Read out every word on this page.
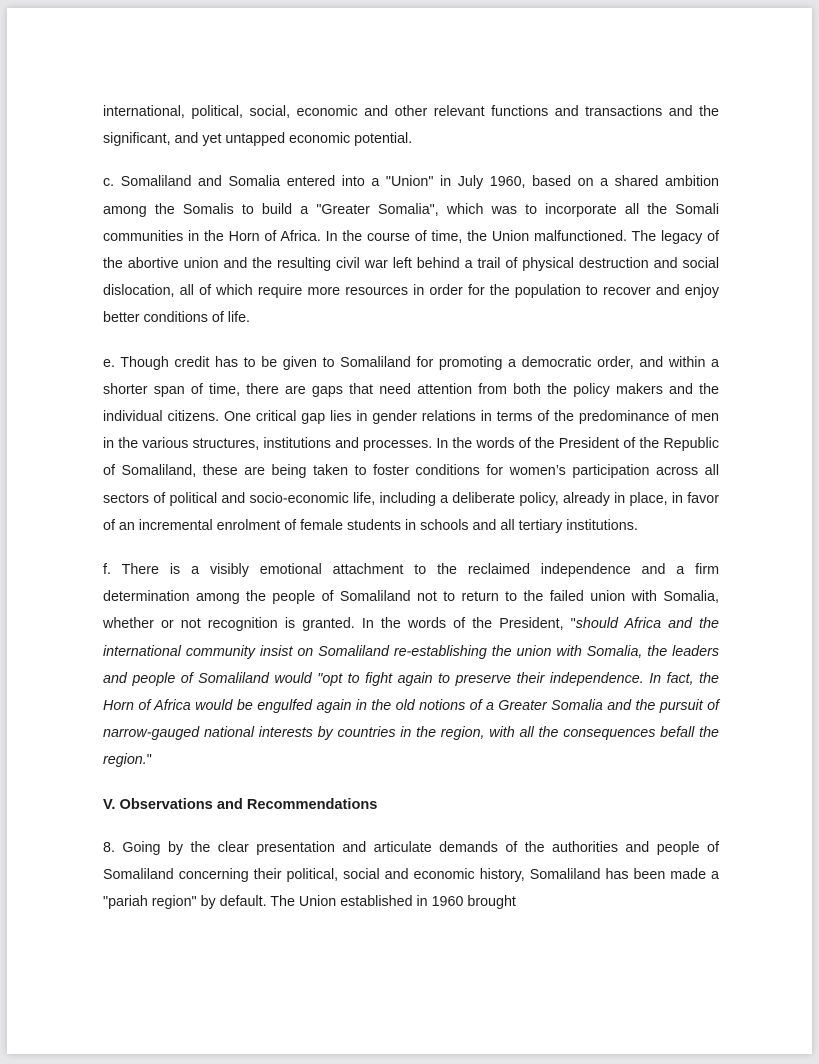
international, political, social, economic and other relevant functions and transactions and the significant, and yet untapped economic potential.

c. Somaliland and Somalia entered into a "Union" in July 1960, based on a shared ambition among the Somalis to build a "Greater Somalia", which was to incorporate all the Somali communities in the Horn of Africa. In the course of time, the Union malfunctioned. The legacy of the abortive union and the resulting civil war left behind a trail of physical destruction and social dislocation, all of which require more resources in order for the population to recover and enjoy better conditions of life.

e. Though credit has to be given to Somaliland for promoting a democratic order, and within a shorter span of time, there are gaps that need attention from both the policy makers and the individual citizens. One critical gap lies in gender relations in terms of the predominance of men in the various structures, institutions and processes. In the words of the President of the Republic of Somaliland, these are being taken to foster conditions for women’s participation across all sectors of political and socio-economic life, including a deliberate policy, already in place, in favor of an incremental enrolment of female students in schools and all tertiary institutions.

f. There is a visibly emotional attachment to the reclaimed independence and a firm determination among the people of Somaliland not to return to the failed union with Somalia, whether or not recognition is granted. In the words of the President, "should Africa and the international community insist on Somaliland re-establishing the union with Somalia, the leaders and people of Somaliland would "opt to fight again to preserve their independence. In fact, the Horn of Africa would be engulfed again in the old notions of a Greater Somalia and the pursuit of narrow-gauged national interests by countries in the region, with all the consequences befall the region."

V. Observations and Recommendations

8. Going by the clear presentation and articulate demands of the authorities and people of Somaliland concerning their political, social and economic history, Somaliland has been made a "pariah region" by default. The Union established in 1960 brought
